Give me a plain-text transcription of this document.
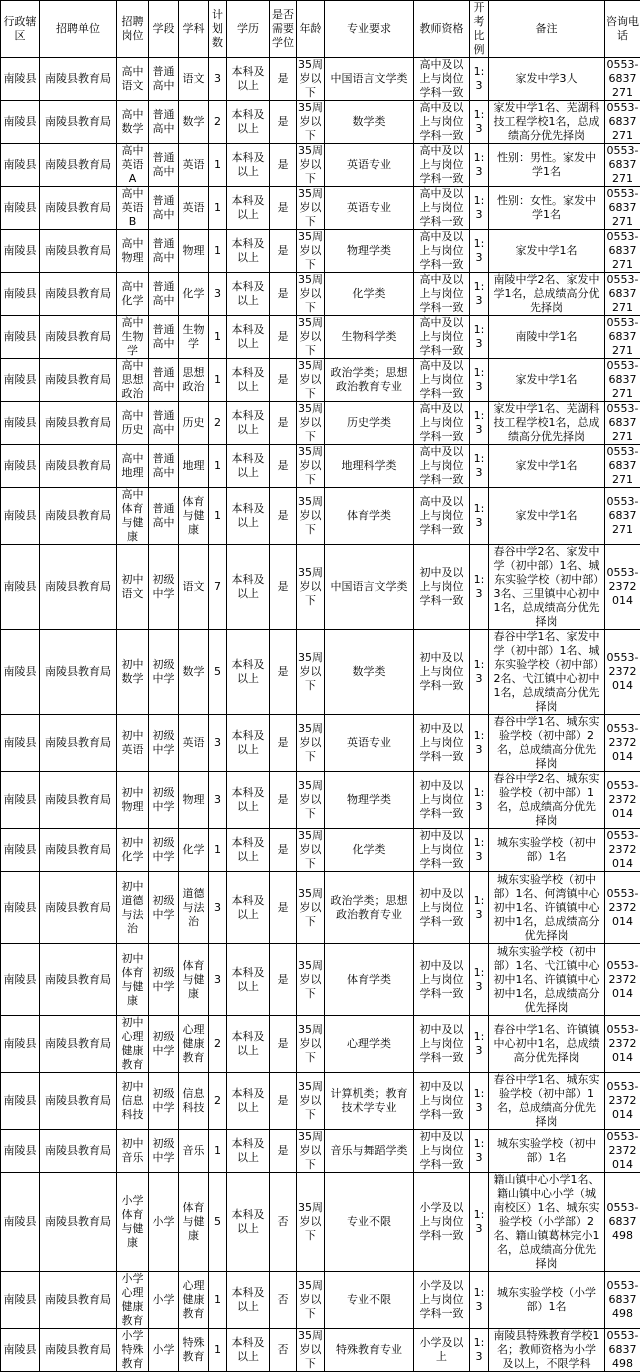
行政辖区	招聘单位	招聘岗位	学段	学科	计划数	学历	是否需要学位	年龄	专业要求	教师资格	开考比例	备注	咨询电话
南陵县	南陵县教育局	高中语文	普通高中	语文	3	本科及以上	是	35周岁以下	中国语言文学类	高中及以上与岗位学科一致	1:3	家发中学3人	0553-6837271
南陵县	南陵县教育局	高中数学	普通高中	数学	2	本科及以上	是	35周岁以下	数学类	高中及以上与岗位学科一致	1:3	家发中学1名、芜湖科技工程学校1名，总成绩高分优先择岗	0553-6837271
南陵县	南陵县教育局	高中英语A	普通高中	英语	1	本科及以上	是	35周岁以下	英语专业	高中及以上与岗位学科一致	1:3	性别：男性。家发中学1名	0553-6837271
南陵县	南陵县教育局	高中英语B	普通高中	英语	1	本科及以上	是	35周岁以下	英语专业	高中及以上与岗位学科一致	1:3	性别：女性。家发中学1名	0553-6837271
南陵县	南陵县教育局	高中物理	普通高中	物理	1	本科及以上	是	35周岁以下	物理学类	高中及以上与岗位学科一致	1:3	家发中学1名	0553-6837271
南陵县	南陵县教育局	高中化学	普通高中	化学	3	本科及以上	是	35周岁以下	化学类	高中及以上与岗位学科一致	1:3	南陵中学2名、家发中学1名，总成绩高分优先择岗	0553-6837271
南陵县	南陵县教育局	高中生物学	普通高中	生物学	1	本科及以上	是	35周岁以下	生物科学类	高中及以上与岗位学科一致	1:3	南陵中学1名	0553-6837271
南陵县	南陵县教育局	高中思想政治	普通高中	思想政治	1	本科及以上	是	35周岁以下	政治学类；思想政治教育专业	高中及以上与岗位学科一致	1:3	家发中学1名	0553-6837271
南陵县	南陵县教育局	高中历史	普通高中	历史	2	本科及以上	是	35周岁以下	历史学类	高中及以上与岗位学科一致	1:3	家发中学1名、芜湖科技工程学校1名，总成绩高分优先择岗	0553-6837271
南陵县	南陵县教育局	高中地理	普通高中	地理	1	本科及以上	是	35周岁以下	地理科学类	高中及以上与岗位学科一致	1:3	家发中学1名	0553-6837271
南陵县	南陵县教育局	高中体育与健康	普通高中	体育与健康	1	本科及以上	是	35周岁以下	体育学类	高中及以上与岗位学科一致	1:3	家发中学1名	0553-6837271
南陵县	南陵县教育局	初中语文	初级中学	语文	7	本科及以上	是	35周岁以下	中国语言文学类	初中及以上与岗位学科一致	1:3	春谷中学2名、家发中学（初中部）1名、城东实验学校（初中部）3名、三里镇中心初中1名，总成绩高分优先择岗	0553-2372014
南陵县	南陵县教育局	初中数学	初级中学	数学	5	本科及以上	是	35周岁以下	数学类	初中及以上与岗位学科一致	1:3	春谷中学1名、家发中学（初中部）1名、城东实验学校（初中部）2名、弋江镇中心初中1名，总成绩高分优先择岗	0553-2372014
南陵县	南陵县教育局	初中英语	初级中学	英语	3	本科及以上	是	35周岁以下	英语专业	初中及以上与岗位学科一致	1:3	春谷中学1名、城东实验学校（初中部）2名，总成绩高分优先择岗	0553-2372014
南陵县	南陵县教育局	初中物理	初级中学	物理	3	本科及以上	是	35周岁以下	物理学类	初中及以上与岗位学科一致	1:3	春谷中学2名、城东实验学校（初中部）1名，总成绩高分优先择岗	0553-2372014
南陵县	南陵县教育局	初中化学	初级中学	化学	1	本科及以上	是	35周岁以下	化学类	初中及以上与岗位学科一致	1:3	城东实验学校（初中部）1名	0553-2372014
南陵县	南陵县教育局	初中道德与法治	初级中学	道德与法治	3	本科及以上	是	35周岁以下	政治学类；思想政治教育专业	初中及以上与岗位学科一致	1:3	城东实验学校（初中部）1名、何湾镇中心初中1名、许镇镇中心初中1名，总成绩高分优先择岗	0553-2372014
南陵县	南陵县教育局	初中体育与健康	初级中学	体育与健康	3	本科及以上	是	35周岁以下	体育学类	初中及以上与岗位学科一致	1:3	城东实验学校（初中部）1名、弋江镇中心初中1名、许镇镇中心初中1名，总成绩高分优先择岗	0553-2372014
南陵县	南陵县教育局	初中心理健康教育	初级中学	心理健康教育	2	本科及以上	是	35周岁以下	心理学类	初中及以上与岗位学科一致	1:3	春谷中学1名、许镇镇中心初中1名，总成绩高分优先择岗	0553-2372014
南陵县	南陵县教育局	初中信息科技	初级中学	信息科技	2	本科及以上	是	35周岁以下	计算机类；教育技术学专业	初中及以上与岗位学科一致	1:3	春谷中学1名、城东实验学校（初中部）1名，总成绩高分优先择岗	0553-2372014
南陵县	南陵县教育局	初中音乐	初级中学	音乐	1	本科及以上	是	35周岁以下	音乐与舞蹈学类	初中及以上与岗位学科一致	1:3	城东实验学校（初中部）1名	0553-2372014
南陵县	南陵县教育局	小学体育与健康	小学	体育与健康	5	本科及以上	否	35周岁以下	专业不限	小学及以上与岗位学科一致	1:3	籍山镇中心小学1名、籍山镇中心小学（城南校区）1名、城东实验学校（小学部）2名、籍山镇葛林完小1名，总成绩高分优先择岗	0553-6837498
南陵县	南陵县教育局	小学心理健康教育	小学	心理健康教育	1	本科及以上	否	35周岁以下	专业不限	小学及以上与岗位学科一致	1:3	城东实验学校（小学部）1名	0553-6837498
南陵县	南陵县教育局	小学特殊教育	小学	特殊教育	1	本科及以上	否	35周岁以下	特殊教育专业	小学及以上	1:3	南陵县特殊教育学校1名；教师资格为小学及以上，不限学科	0553-6837498
